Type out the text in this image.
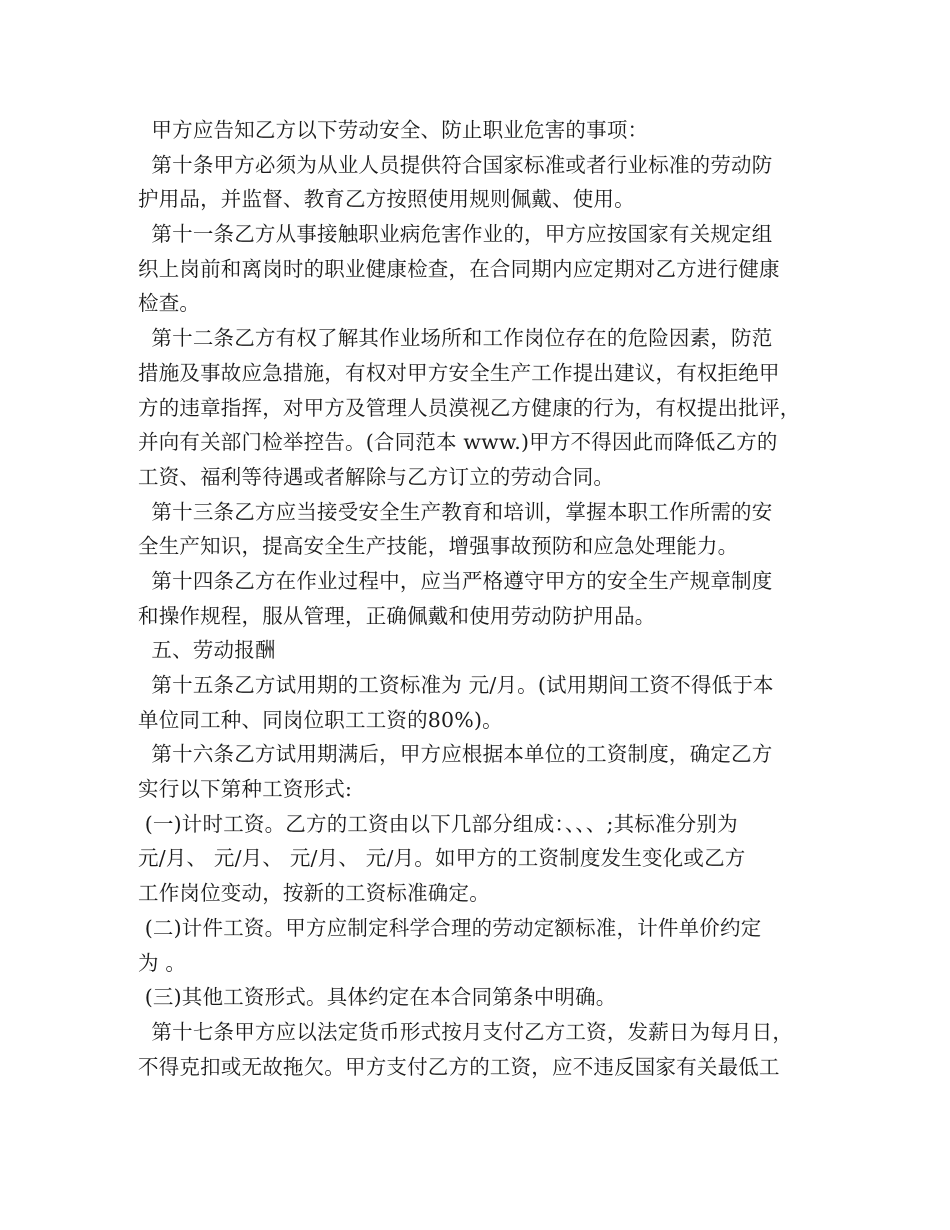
甲方应告知乙方以下劳动安全、防止职业危害的事项：
第十条甲方必须为从业人员提供符合国家标准或者行业标准的劳动防
护用品，并监督、教育乙方按照使用规则佩戴、使用。
第十一条乙方从事接触职业病危害作业的，甲方应按国家有关规定组
织上岗前和离岗时的职业健康检查，在合同期内应定期对乙方进行健康
检查。
第十二条乙方有权了解其作业场所和工作岗位存在的危险因素，防范
措施及事故应急措施，有权对甲方安全生产工作提出建议，有权拒绝甲
方的违章指挥，对甲方及管理人员漠视乙方健康的行为，有权提出批评，
并向有关部门检举控告。(合同范本 www.)甲方不得因此而降低乙方的
工资、福利等待遇或者解除与乙方订立的劳动合同。
第十三条乙方应当接受安全生产教育和培训，掌握本职工作所需的安
全生产知识，提高安全生产技能，增强事故预防和应急处理能力。
第十四条乙方在作业过程中，应当严格遵守甲方的安全生产规章制度
和操作规程，服从管理，正确佩戴和使用劳动防护用品。
五、劳动报酬
第十五条乙方试用期的工资标准为 元/月。(试用期间工资不得低于本
单位同工种、同岗位职工工资的80%)。
第十六条乙方试用期满后，甲方应根据本单位的工资制度，确定乙方
实行以下第种工资形式:
(一)计时工资。乙方的工资由以下几部分组成：、、、;其标准分别为
元/月、 元/月、 元/月、 元/月。如甲方的工资制度发生变化或乙方
工作岗位变动，按新的工资标准确定。
(二)计件工资。甲方应制定科学合理的劳动定额标准，计件单价约定
为 。
(三)其他工资形式。具体约定在本合同第条中明确。
第十七条甲方应以法定货币形式按月支付乙方工资，发薪日为每月日，
不得克扣或无故拖欠。甲方支付乙方的工资，应不违反国家有关最低工
